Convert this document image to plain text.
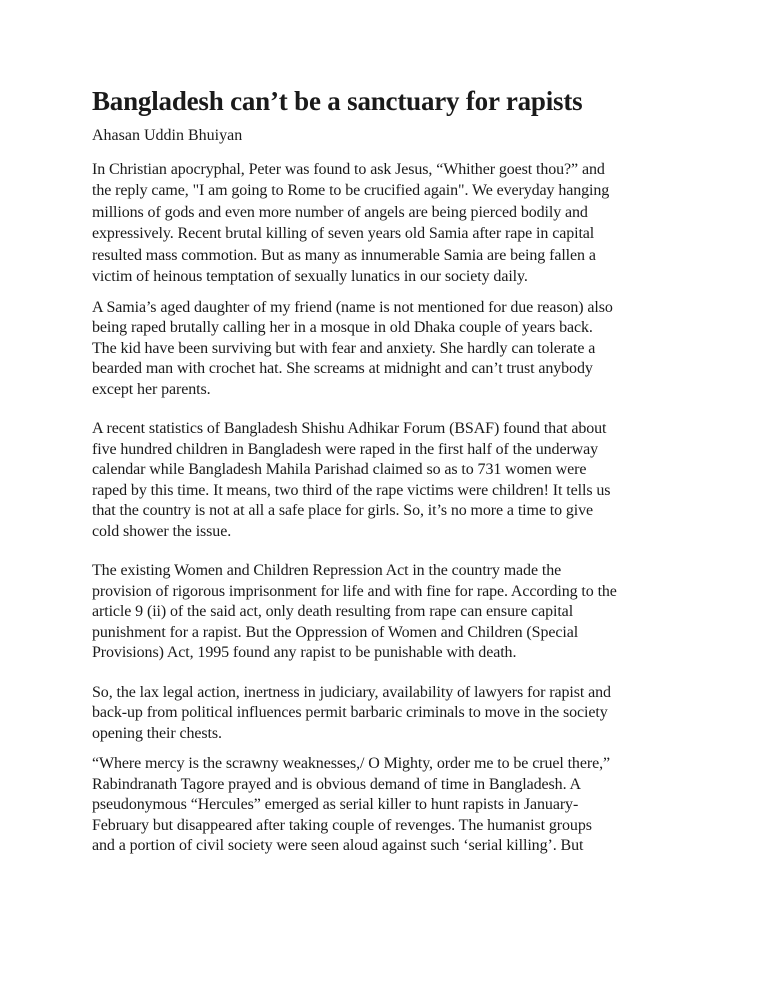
Bangladesh can’t be a sanctuary for rapists
Ahasan Uddin Bhuiyan
In Christian apocryphal, Peter was found to ask Jesus, “Whither goest thou?” and
the reply came, "I am going to Rome to be crucified again". We everyday hanging
millions of gods and even more number of angels are being pierced bodily and
expressively. Recent brutal killing of seven years old Samia after rape in capital
resulted mass commotion. But as many as innumerable Samia are being fallen a
victim of heinous temptation of sexually lunatics in our society daily.
A Samia’s aged daughter of my friend (name is not mentioned for due reason) also
being raped brutally calling her in a mosque in old Dhaka couple of years back.
The kid have been surviving but with fear and anxiety. She hardly can tolerate a
bearded man with crochet hat. She screams at midnight and can’t trust anybody
except her parents.
A recent statistics of Bangladesh Shishu Adhikar Forum (BSAF) found that about
five hundred children in Bangladesh were raped in the first half of the underway
calendar while Bangladesh Mahila Parishad claimed so as to 731 women were
raped by this time. It means, two third of the rape victims were children! It tells us
that the country is not at all a safe place for girls. So, it’s no more a time to give
cold shower the issue.
The existing Women and Children Repression Act in the country made the
provision of rigorous imprisonment for life and with fine for rape. According to the
article 9 (ii) of the said act, only death resulting from rape can ensure capital
punishment for a rapist. But the Oppression of Women and Children (Special
Provisions) Act, 1995 found any rapist to be punishable with death.
So, the lax legal action, inertness in judiciary, availability of lawyers for rapist and
back-up from political influences permit barbaric criminals to move in the society
opening their chests.
“Where mercy is the scrawny weaknesses,/ O Mighty, order me to be cruel there,”
Rabindranath Tagore prayed and is obvious demand of time in Bangladesh. A
pseudonymous “Hercules” emerged as serial killer to hunt rapists in January-
February but disappeared after taking couple of revenges. The humanist groups
and a portion of civil society were seen aloud against such ‘serial killing’. But
